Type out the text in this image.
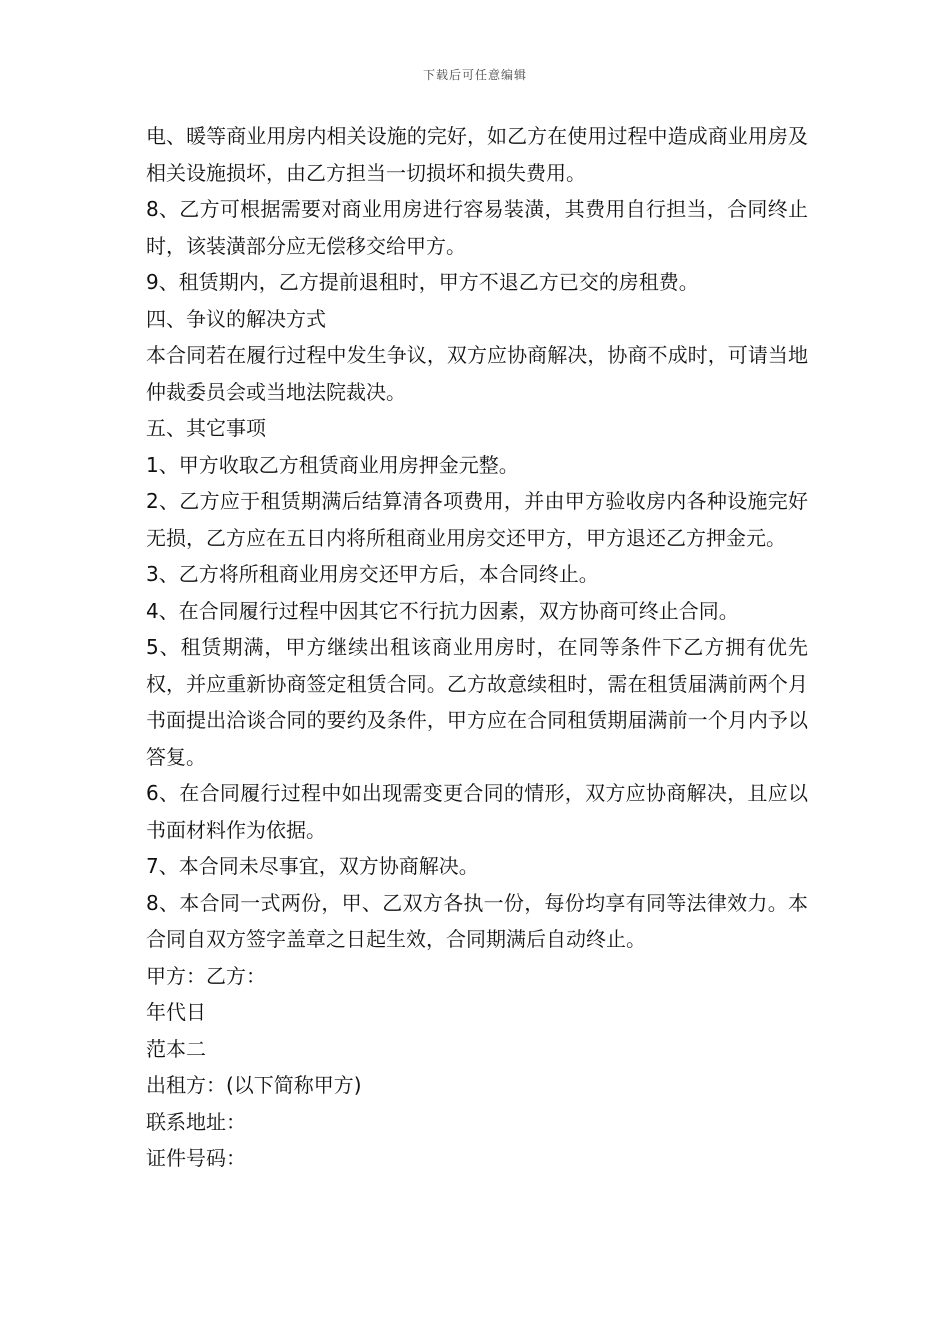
下载后可任意编辑

电、暖等商业用房内相关设施的完好，如乙方在使用过程中造成商业用房及相关设施损坏，由乙方担当一切损坏和损失费用。

8、乙方可根据需要对商业用房进行容易装潢，其费用自行担当，合同终止时，该装潢部分应无偿移交给甲方。

9、租赁期内，乙方提前退租时，甲方不退乙方已交的房租费。

四、争议的解决方式

本合同若在履行过程中发生争议，双方应协商解决，协商不成时，可请当地仲裁委员会或当地法院裁决。

五、其它事项

1、甲方收取乙方租赁商业用房押金元整。

2、乙方应于租赁期满后结算清各项费用，并由甲方验收房内各种设施完好无损，乙方应在五日内将所租商业用房交还甲方，甲方退还乙方押金元。

3、乙方将所租商业用房交还甲方后，本合同终止。

4、在合同履行过程中因其它不行抗力因素，双方协商可终止合同。

5、租赁期满，甲方继续出租该商业用房时，在同等条件下乙方拥有优先权，并应重新协商签定租赁合同。乙方故意续租时，需在租赁届满前两个月书面提出洽谈合同的要约及条件，甲方应在合同租赁期届满前一个月内予以答复。

6、在合同履行过程中如出现需变更合同的情形，双方应协商解决，且应以书面材料作为依据。

7、本合同未尽事宜，双方协商解决。

8、本合同一式两份，甲、乙双方各执一份，每份均享有同等法律效力。本合同自双方签字盖章之日起生效，合同期满后自动终止。

甲方：乙方：

年代日

范本二

出租方：(以下简称甲方)

联系地址：

证件号码：
